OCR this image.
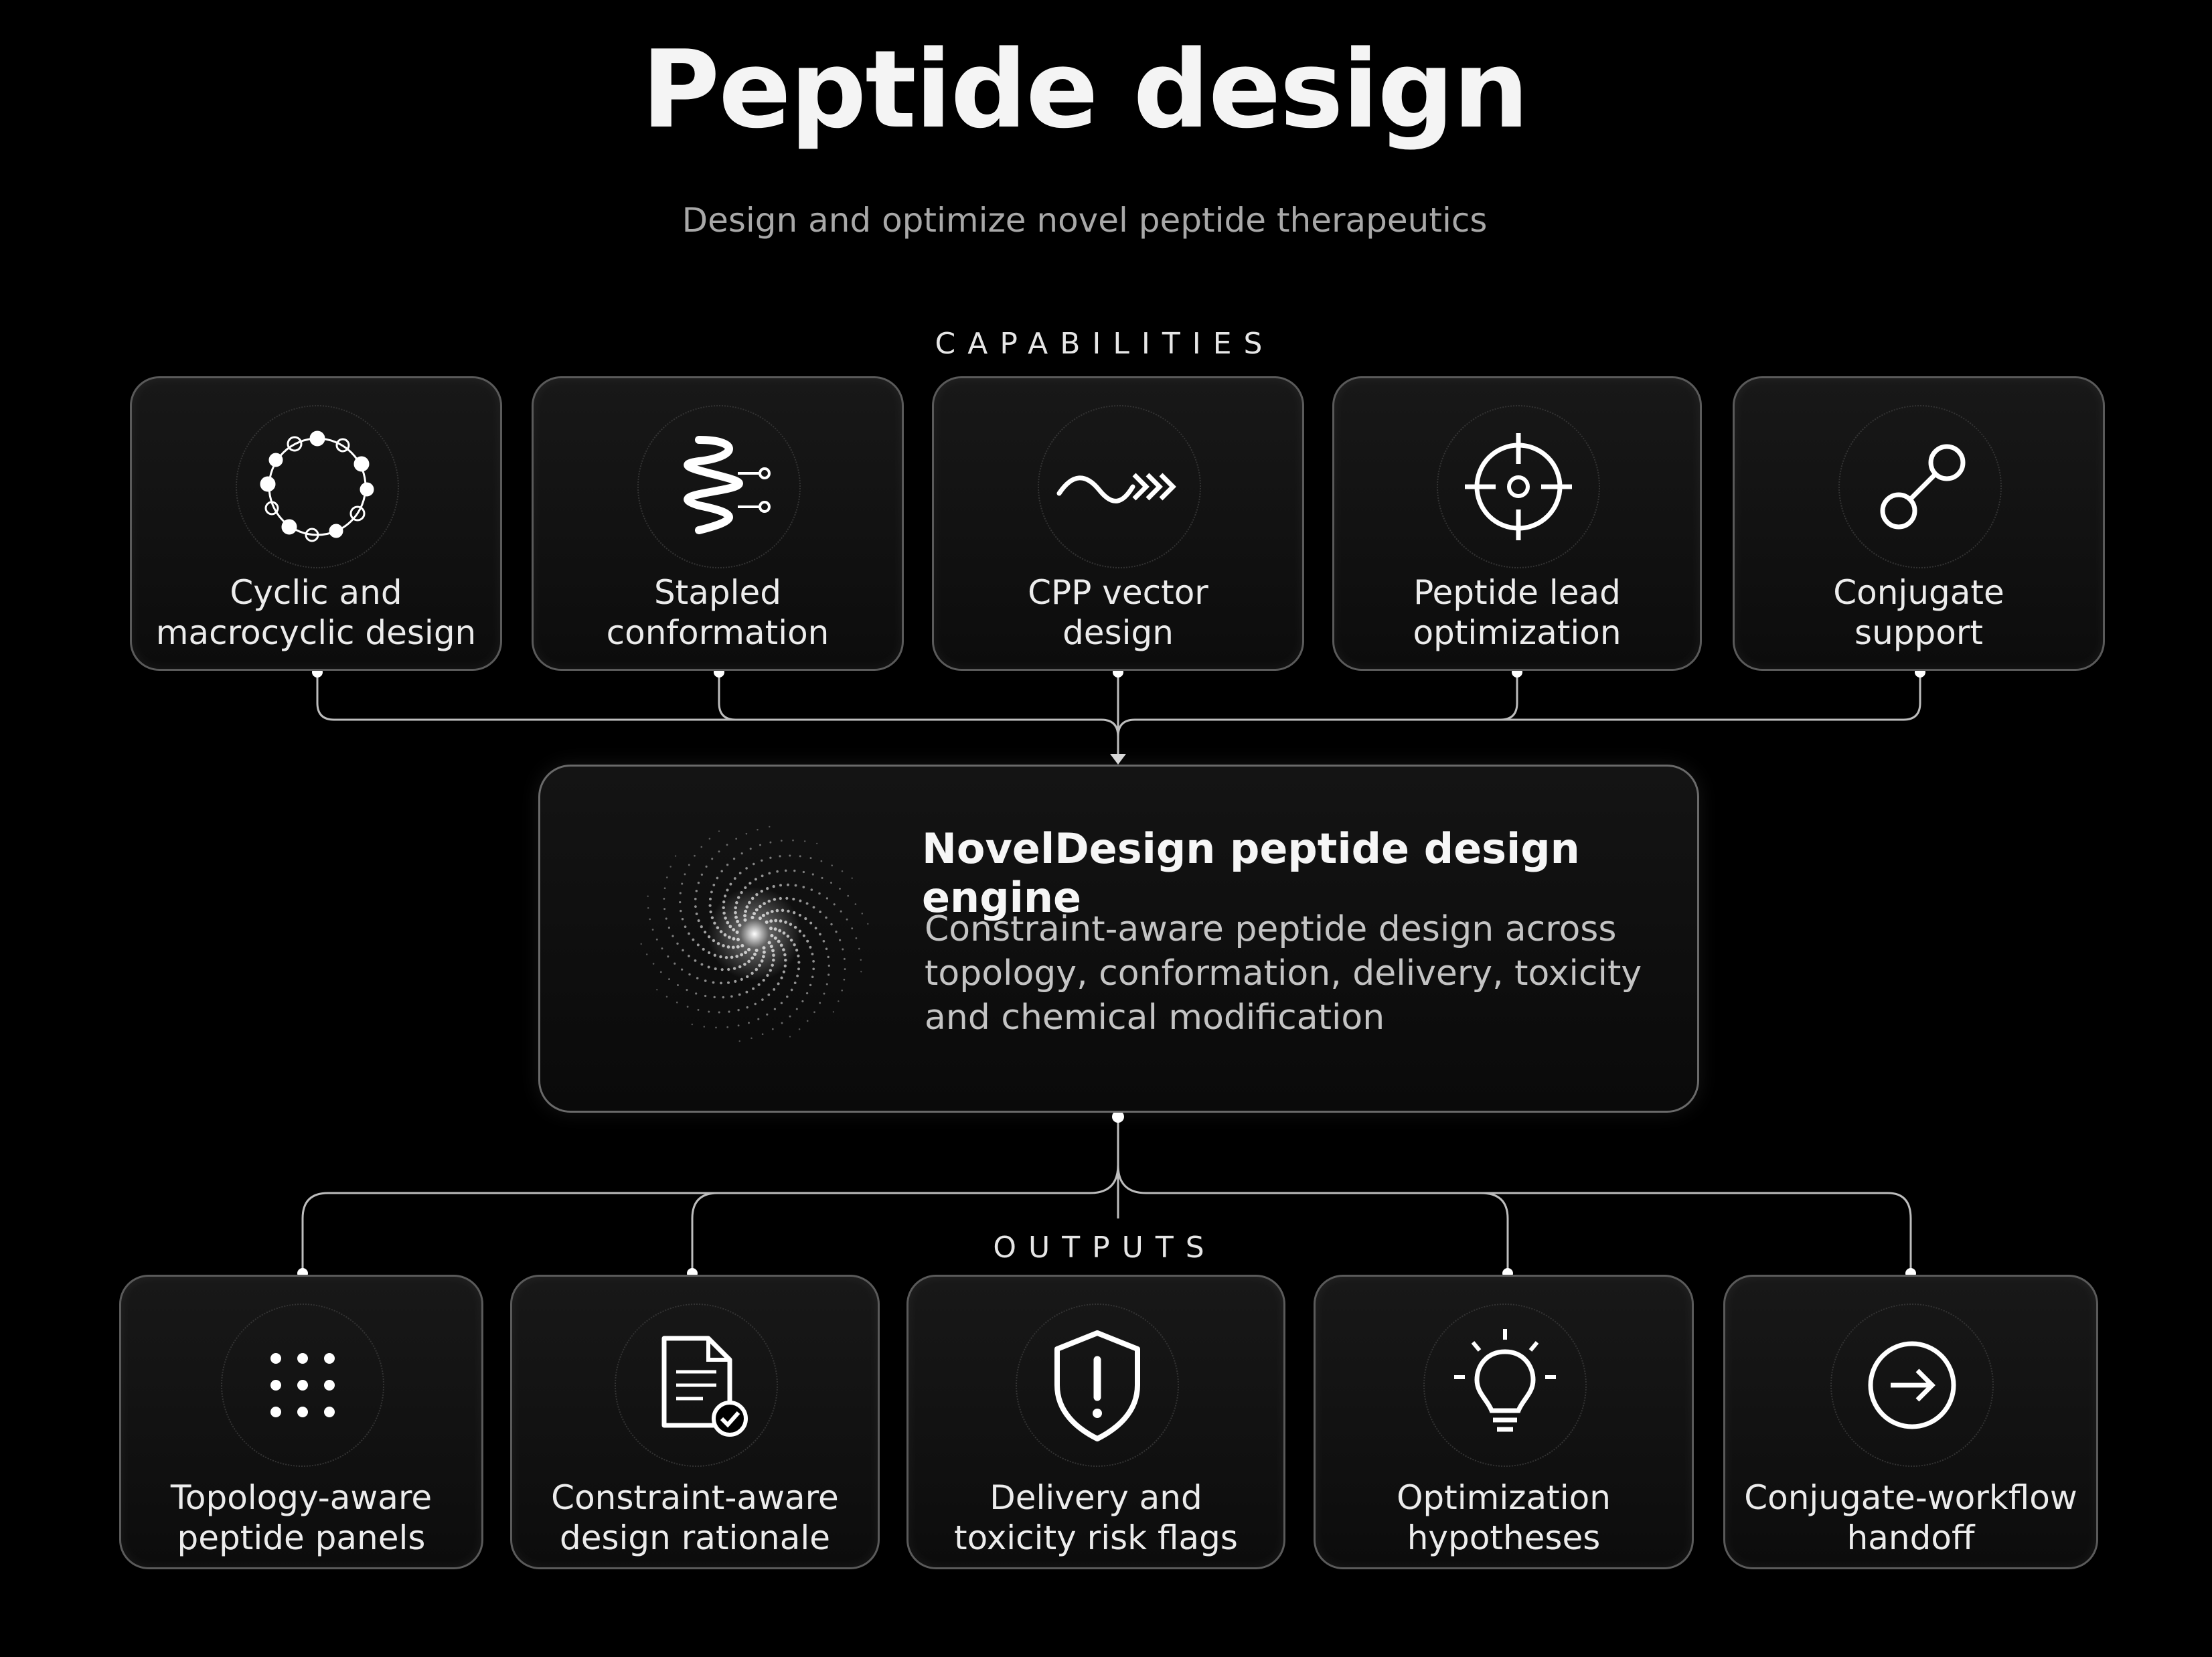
Peptide design
Design and optimize novel peptide therapeutics
CAPABILITIES
OUTPUTS
Cyclic and
macrocyclic design
Stapled
conformation
CPP vector
design
Peptide lead
optimization
Conjugate
support
NovelDesign peptide design engine
Constraint-aware peptide design across topology, conformation, delivery, toxicity and chemical modification
Topology-aware
peptide panels
Constraint-aware
design rationale
Delivery and
toxicity risk flags
Optimization
hypotheses
Conjugate-workflow
handoff
